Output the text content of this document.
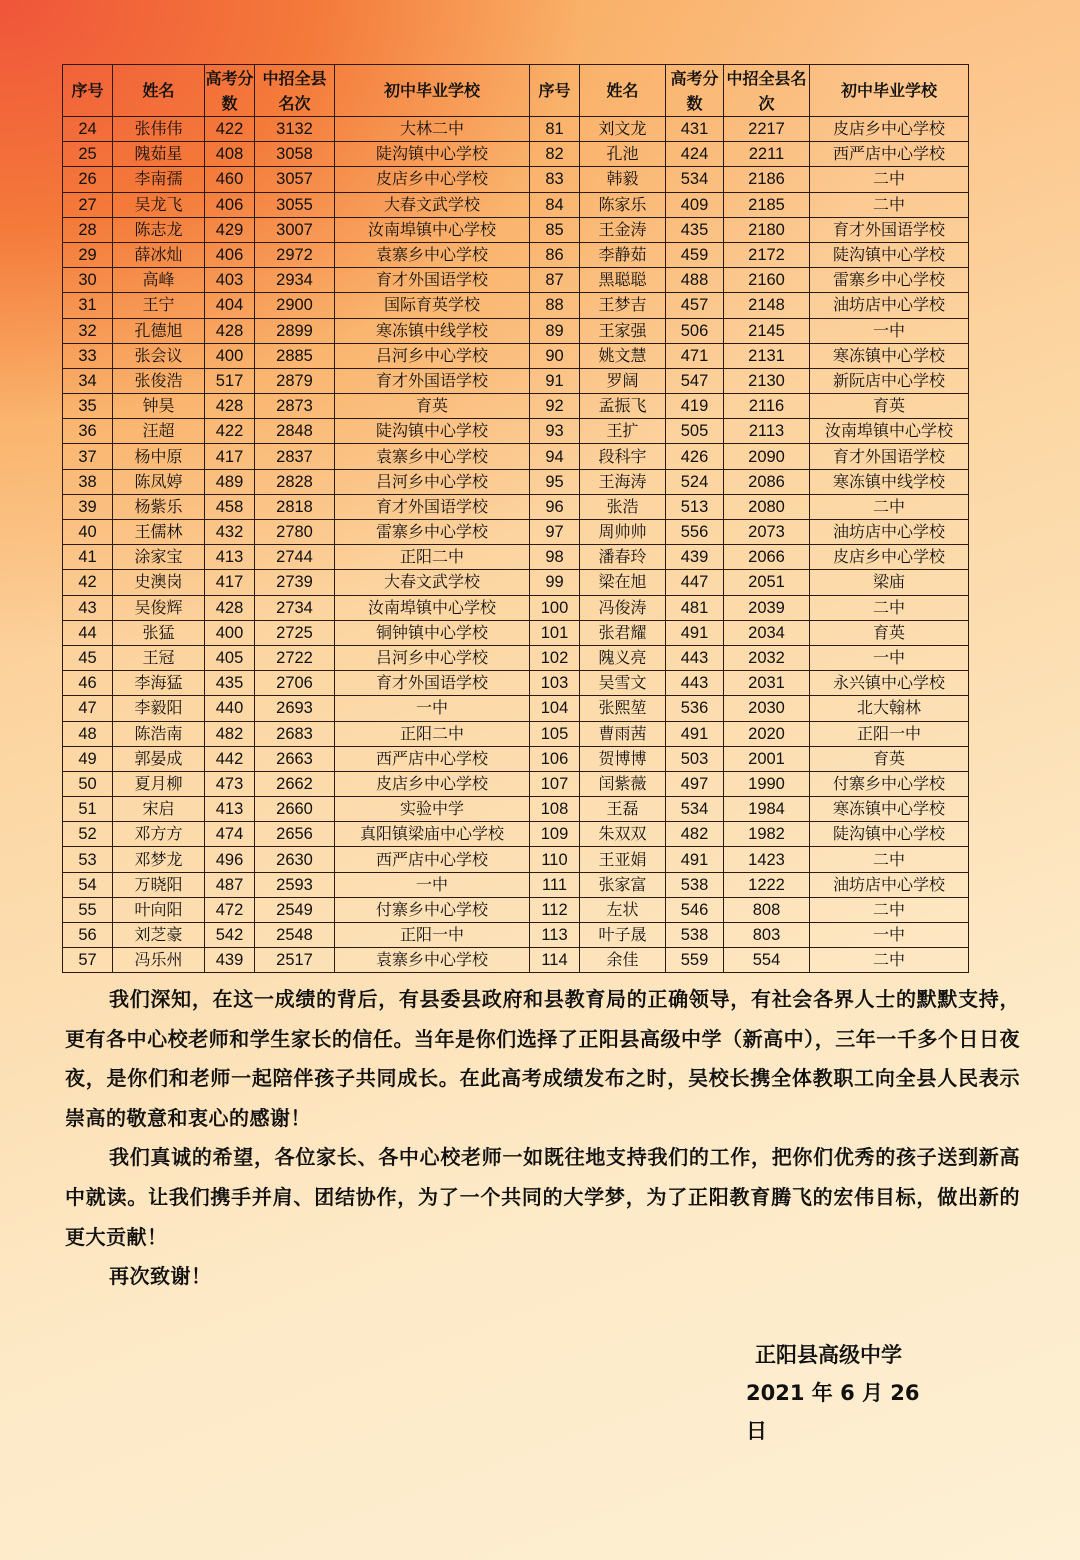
序号	姓名	高考分数	中招全县名次	初中毕业学校	序号	姓名	高考分数	中招全县名次	初中毕业学校
24	张伟伟	422	3132	大林二中	81	刘文龙	431	2217	皮店乡中心学校
25	隗茹星	408	3058	陡沟镇中心学校	82	孔池	424	2211	西严店中心学校
26	李南孺	460	3057	皮店乡中心学校	83	韩毅	534	2186	二中
27	吴龙飞	406	3055	大春文武学校	84	陈家乐	409	2185	二中
28	陈志龙	429	3007	汝南埠镇中心学校	85	王金涛	435	2180	育才外国语学校
29	薛冰灿	406	2972	袁寨乡中心学校	86	李静茹	459	2172	陡沟镇中心学校
30	高峰	403	2934	育才外国语学校	87	黑聪聪	488	2160	雷寨乡中心学校
31	王宁	404	2900	国际育英学校	88	王梦吉	457	2148	油坊店中心学校
32	孔德旭	428	2899	寒冻镇中线学校	89	王家强	506	2145	一中
33	张会议	400	2885	吕河乡中心学校	90	姚文慧	471	2131	寒冻镇中心学校
34	张俊浩	517	2879	育才外国语学校	91	罗阔	547	2130	新阮店中心学校
35	钟昊	428	2873	育英	92	孟振飞	419	2116	育英
36	汪超	422	2848	陡沟镇中心学校	93	王扩	505	2113	汝南埠镇中心学校
37	杨中原	417	2837	袁寨乡中心学校	94	段科宇	426	2090	育才外国语学校
38	陈凤婷	489	2828	吕河乡中心学校	95	王海涛	524	2086	寒冻镇中线学校
39	杨紫乐	458	2818	育才外国语学校	96	张浩	513	2080	二中
40	王儒林	432	2780	雷寨乡中心学校	97	周帅帅	556	2073	油坊店中心学校
41	涂家宝	413	2744	正阳二中	98	潘春玲	439	2066	皮店乡中心学校
42	史澳岗	417	2739	大春文武学校	99	梁在旭	447	2051	梁庙
43	吴俊辉	428	2734	汝南埠镇中心学校	100	冯俊涛	481	2039	二中
44	张猛	400	2725	铜钟镇中心学校	101	张君耀	491	2034	育英
45	王冠	405	2722	吕河乡中心学校	102	隗义亮	443	2032	一中
46	李海猛	435	2706	育才外国语学校	103	吴雪文	443	2031	永兴镇中心学校
47	李毅阳	440	2693	一中	104	张熙堃	536	2030	北大翰林
48	陈浩南	482	2683	正阳二中	105	曹雨茜	491	2020	正阳一中
49	郭晏成	442	2663	西严店中心学校	106	贺博博	503	2001	育英
50	夏月柳	473	2662	皮店乡中心学校	107	闰紫薇	497	1990	付寨乡中心学校
51	宋启	413	2660	实验中学	108	王磊	534	1984	寒冻镇中心学校
52	邓方方	474	2656	真阳镇梁庙中心学校	109	朱双双	482	1982	陡沟镇中心学校
53	邓梦龙	496	2630	西严店中心学校	110	王亚娟	491	1423	二中
54	万晓阳	487	2593	一中	111	张家富	538	1222	油坊店中心学校
55	叶向阳	472	2549	付寨乡中心学校	112	左状	546	808	二中
56	刘芝豪	542	2548	正阳一中	113	叶子晟	538	803	一中
57	冯乐州	439	2517	袁寨乡中心学校	114	余佳	559	554	二中

我们深知，在这一成绩的背后，有县委县政府和县教育局的正确领导，有社会各界人士的默默支持，更有各中心校老师和学生家长的信任。当年是你们选择了正阳县高级中学（新高中），三年一千多个日日夜夜，是你们和老师一起陪伴孩子共同成长。在此高考成绩发布之时，吴校长携全体教职工向全县人民表示崇高的敬意和衷心的感谢！

我们真诚的希望，各位家长、各中心校老师一如既往地支持我们的工作，把你们优秀的孩子送到新高中就读。让我们携手并肩、团结协作，为了一个共同的大学梦，为了正阳教育腾飞的宏伟目标，做出新的更大贡献！

再次致谢！

正阳县高级中学
2021 年 6 月 26 日
